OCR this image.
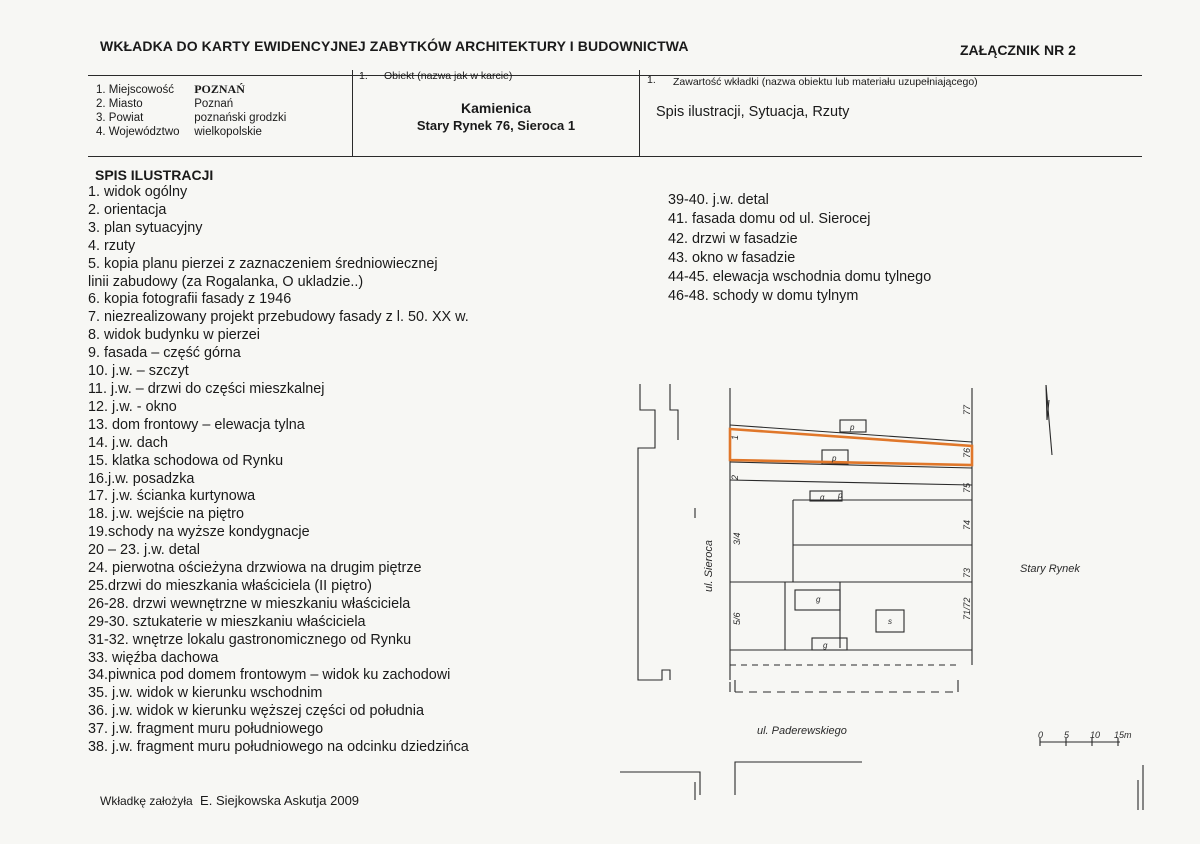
WKŁADKA DO KARTY EWIDENCYJNEJ ZABYTKÓW ARCHITEKTURY I BUDOWNICTWA	ZAŁĄCZNIK NR 2
1. Miejscowość POZNAŃ
2. Miasto	Poznań
3. Powiat	poznański grodzki
4. Województwo wielkopolskie
1. Obiekt (nazwa jak w karcie)
Kamienica
Stary Rynek 76, Sieroca 1
1. Zawartość wkładki (nazwa obiektu lub materiału uzupełniającego)
Spis ilustracji, Sytuacja, Rzuty
SPIS ILUSTRACJI
1. widok ogólny
2. orientacja
3. plan sytuacyjny
4. rzuty
5. kopia planu pierzei z zaznaczeniem średniowiecznej
linii zabudowy (za Rogalanka, O ukladzie..)
6. kopia fotografii fasady z 1946
7. niezrealizowany projekt przebudowy fasady z l. 50. XX w.
8. widok budynku w pierzei
9. fasada – część górna
10. j.w. – szczyt
11. j.w. – drzwi do części mieszkalnej
12. j.w. - okno
13. dom frontowy – elewacja tylna
14. j.w. dach
15. klatka schodowa od Rynku
16.j.w. posadzka
17. j.w. ścianka kurtynowa
18. j.w. wejście na piętro
19.schody na wyższe kondygnacje
20 – 23. j.w. detal
24. pierwotna ościeżyna drzwiowa na drugim piętrze
25.drzwi do mieszkania właściciela (II piętro)
26-28. drzwi wewnętrzne w mieszkaniu właściciela
29-30. sztukaterie w mieszkaniu właściciela
31-32. wnętrze lokalu gastronomicznego od Rynku
33. więźba dachowa
34.piwnica pod domem frontowym – widok ku zachodowi
35. j.w. widok w kierunku wschodnim
36. j.w. widok w kierunku węższej części od południa
37. j.w. fragment muru południowego
38. j.w. fragment muru południowego na odcinku dziedzińca
39-40. j.w. detal
41. fasada domu od ul. Sierocej
42. drzwi w fasadzie
43. okno w fasadzie
44-45. elewacja wschodnia domu tylnego
46-48. schody w domu tylnym
p
p
g p
g
s
g
ul. Sieroca
ul. Paderewskiego
Stary Rynek
77
76
75
74
73
71/72
1
2
3/4
5/6
0 5 10 15m
Wkładkę założyła E. Siejkowska Askutja 2009
